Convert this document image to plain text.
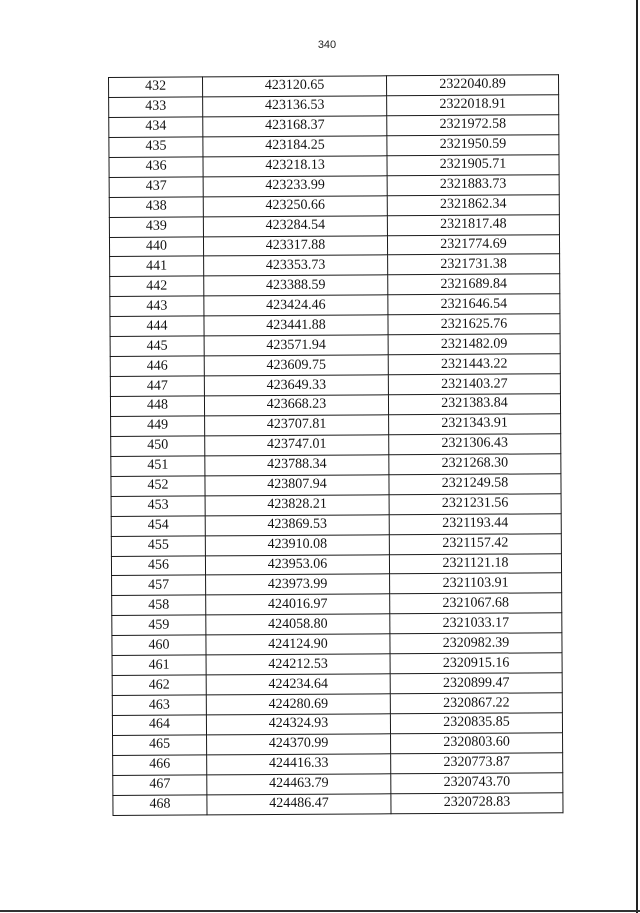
340
432	423120.65	2322040.89
433	423136.53	2322018.91
434	423168.37	2321972.58
435	423184.25	2321950.59
436	423218.13	2321905.71
437	423233.99	2321883.73
438	423250.66	2321862.34
439	423284.54	2321817.48
440	423317.88	2321774.69
441	423353.73	2321731.38
442	423388.59	2321689.84
443	423424.46	2321646.54
444	423441.88	2321625.76
445	423571.94	2321482.09
446	423609.75	2321443.22
447	423649.33	2321403.27
448	423668.23	2321383.84
449	423707.81	2321343.91
450	423747.01	2321306.43
451	423788.34	2321268.30
452	423807.94	2321249.58
453	423828.21	2321231.56
454	423869.53	2321193.44
455	423910.08	2321157.42
456	423953.06	2321121.18
457	423973.99	2321103.91
458	424016.97	2321067.68
459	424058.80	2321033.17
460	424124.90	2320982.39
461	424212.53	2320915.16
462	424234.64	2320899.47
463	424280.69	2320867.22
464	424324.93	2320835.85
465	424370.99	2320803.60
466	424416.33	2320773.87
467	424463.79	2320743.70
468	424486.47	2320728.83
